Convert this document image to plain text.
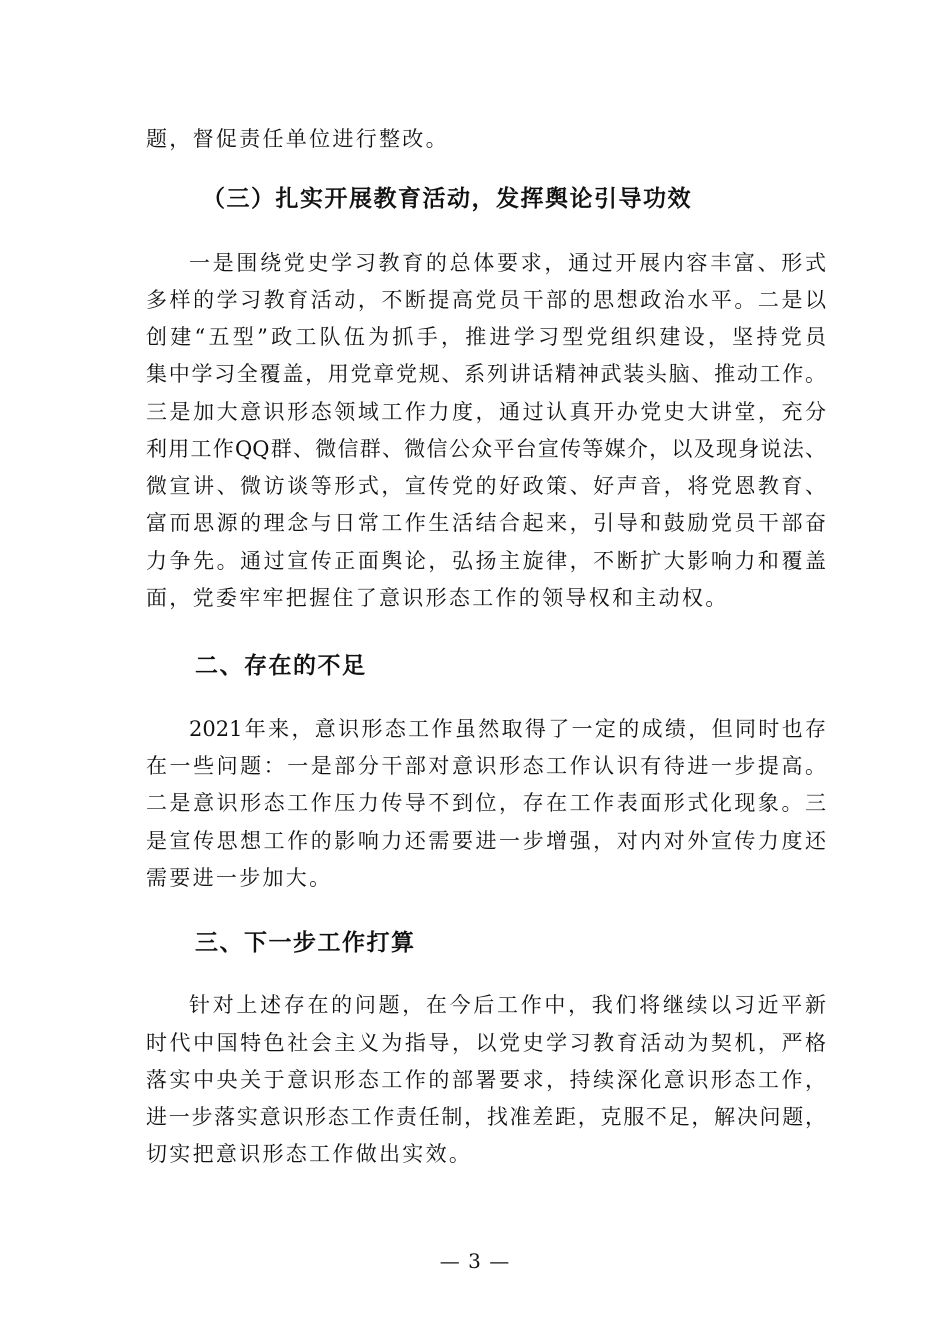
题，督促责任单位进行整改。
（三）扎实开展教育活动，发挥舆论引导功效
一是围绕党史学习教育的总体要求，通过开展内容丰富、形式
多样的学习教育活动，不断提高党员干部的思想政治水平。二是以
创建“五型”政工队伍为抓手，推进学习型党组织建设，坚持党员
集中学习全覆盖，用党章党规、系列讲话精神武装头脑、推动工作。
三是加大意识形态领域工作力度，通过认真开办党史大讲堂，充分
利用工作QQ群、微信群、微信公众平台宣传等媒介，以及现身说法、
微宣讲、微访谈等形式，宣传党的好政策、好声音，将党恩教育、
富而思源的理念与日常工作生活结合起来，引导和鼓励党员干部奋
力争先。通过宣传正面舆论，弘扬主旋律，不断扩大影响力和覆盖
面，党委牢牢把握住了意识形态工作的领导权和主动权。
二、存在的不足
2021年来，意识形态工作虽然取得了一定的成绩，但同时也存
在一些问题：一是部分干部对意识形态工作认识有待进一步提高。
二是意识形态工作压力传导不到位，存在工作表面形式化现象。三
是宣传思想工作的影响力还需要进一步增强，对内对外宣传力度还
需要进一步加大。
三、下一步工作打算
针对上述存在的问题，在今后工作中，我们将继续以习近平新
时代中国特色社会主义为指导，以党史学习教育活动为契机，严格
落实中央关于意识形态工作的部署要求，持续深化意识形态工作，
进一步落实意识形态工作责任制，找准差距，克服不足，解决问题，
切实把意识形态工作做出实效。
— 3 —
